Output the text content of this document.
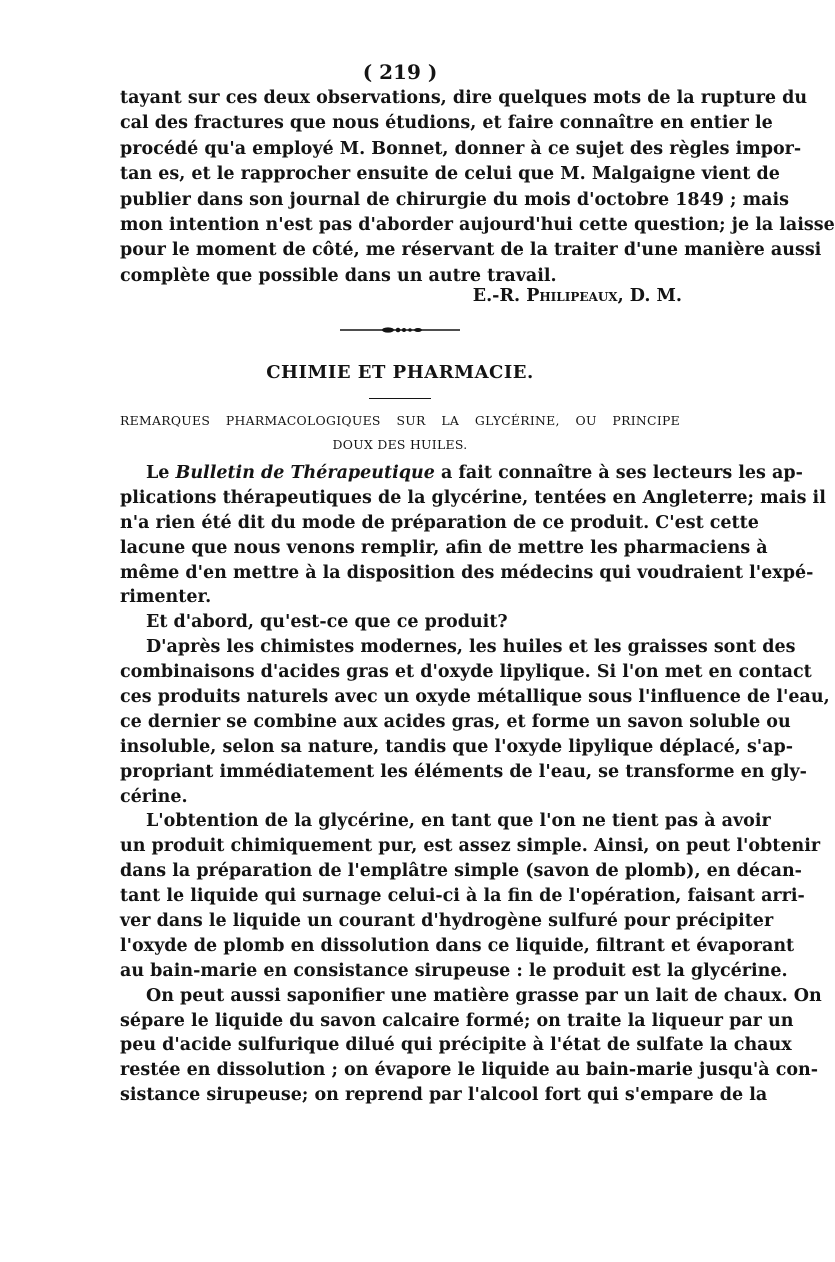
( 219 )
tayant sur ces deux observations, dire quelques mots de la rupture du
cal des fractures que nous étudions, et faire connaître en entier le
procédé qu'a employé M. Bonnet, donner à ce sujet des règles impor-
tan es, et le rapprocher ensuite de celui que M. Malgaigne vient de
publier dans son journal de chirurgie du mois d'octobre 1849 ; mais
mon intention n'est pas d'aborder aujourd'hui cette question; je la laisse
pour le moment de côté, me réservant de la traiter d'une manière aussi
complète que possible dans un autre travail.
E.-R. Philipeaux, D. M.
CHIMIE ET PHARMACIE.
REMARQUES PHARMACOLOGIQUES SUR LA GLYCÉRINE, OU PRINCIPE
DOUX DES HUILES.
Le Bulletin de Thérapeutique a fait connaître à ses lecteurs les ap-
plications thérapeutiques de la glycérine, tentées en Angleterre; mais il
n'a rien été dit du mode de préparation de ce produit. C'est cette
lacune que nous venons remplir, afin de mettre les pharmaciens à
même d'en mettre à la disposition des médecins qui voudraient l'expé-
rimenter.
Et d'abord, qu'est-ce que ce produit?
D'après les chimistes modernes, les huiles et les graisses sont des
combinaisons d'acides gras et d'oxyde lipylique. Si l'on met en contact
ces produits naturels avec un oxyde métallique sous l'influence de l'eau,
ce dernier se combine aux acides gras, et forme un savon soluble ou
insoluble, selon sa nature, tandis que l'oxyde lipylique déplacé, s'ap-
propriant immédiatement les éléments de l'eau, se transforme en gly-
cérine.
L'obtention de la glycérine, en tant que l'on ne tient pas à avoir
un produit chimiquement pur, est assez simple. Ainsi, on peut l'obtenir
dans la préparation de l'emplâtre simple (savon de plomb), en décan-
tant le liquide qui surnage celui-ci à la fin de l'opération, faisant arri-
ver dans le liquide un courant d'hydrogène sulfuré pour précipiter
l'oxyde de plomb en dissolution dans ce liquide, filtrant et évaporant
au bain-marie en consistance sirupeuse : le produit est la glycérine.
On peut aussi saponifier une matière grasse par un lait de chaux. On
sépare le liquide du savon calcaire formé; on traite la liqueur par un
peu d'acide sulfurique dilué qui précipite à l'état de sulfate la chaux
restée en dissolution ; on évapore le liquide au bain-marie jusqu'à con-
sistance sirupeuse; on reprend par l'alcool fort qui s'empare de la
